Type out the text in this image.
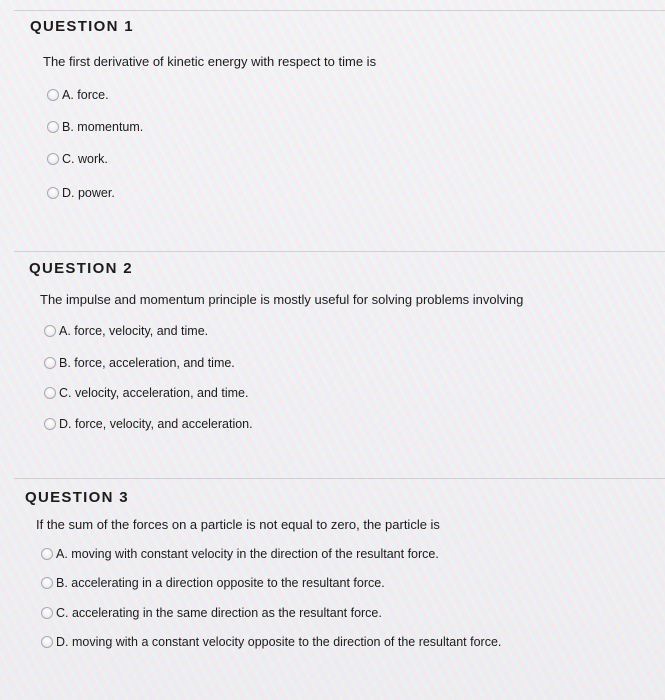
QUESTION 1
The first derivative of kinetic energy with respect to time is
A. force.
B. momentum.
C. work.
D. power.
QUESTION 2
The impulse and momentum principle is mostly useful for solving problems involving
A. force, velocity, and time.
B. force, acceleration, and time.
C. velocity, acceleration, and time.
D. force, velocity, and acceleration.
QUESTION 3
If the sum of the forces on a particle is not equal to zero, the particle is
A. moving with constant velocity in the direction of the resultant force.
B. accelerating in a direction opposite to the resultant force.
C. accelerating in the same direction as the resultant force.
D. moving with a constant velocity opposite to the direction of the resultant force.
